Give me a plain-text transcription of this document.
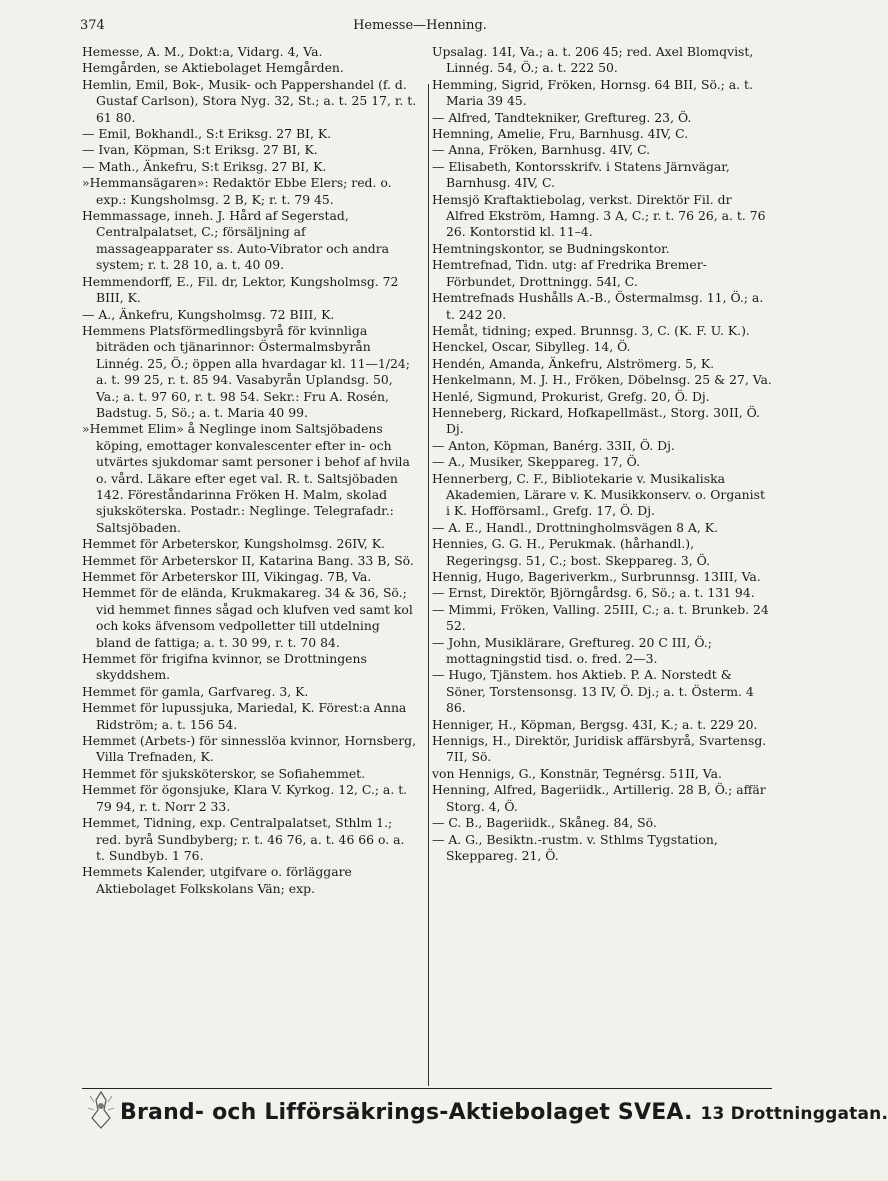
374	Hemesse—Henning.

Hemesse, A. M., Dokt:a, Vidarg. 4, Va.

Hemgården, se Aktiebolaget Hemgården.

Hemlin, Emil, Bok-, Musik- och Pappershandel (f. d. Gustaf Carlson), Stora Nyg. 32, St.; a. t. 25 17, r. t. 61 80.

— Emil, Bokhandl., S:t Eriksg. 27 BI, K.

— Ivan, Köpman, S:t Eriksg. 27 BI, K.

— Math., Änkefru, S:t Eriksg. 27 BI, K.

»Hemmansägaren»: Redaktör Ebbe Elers; red. o. exp.: Kungsholmsg. 2 B, K; r. t. 79 45.

Hemmassage, inneh. J. Hård af Segerstad, Centralpalatset, C.; försäljning af massageapparater ss. Auto-Vibrator och andra system; r. t. 28 10, a. t. 40 09.

Hemmendorff, E., Fil. dr, Lektor, Kungsholmsg. 72 BIII, K.

— A., Änkefru, Kungsholmsg. 72 BIII, K.

Hemmens Platsförmedlingsbyrå för kvinnliga biträden och tjänarinnor: Östermalmsbyrån Linnég. 25, Ö.; öppen alla hvardagar kl. 11—1/24; a. t. 99 25, r. t. 85 94. Vasabyrån Uplandsg. 50, Va.; a. t. 97 60, r. t. 98 54. Sekr.: Fru A. Rosén, Badstug. 5, Sö.; a. t. Maria 40 99.

»Hemmet Elim» å Neglinge inom Saltsjöbadens köping, emottager konvalescenter efter in- och utvärtes sjukdomar samt personer i behof af hvila o. vård. Läkare efter eget val. R. t. Saltsjöbaden 142. Föreståndarinna Fröken H. Malm, skolad sjuksköterska. Postadr.: Neglinge. Telegrafadr.: Saltsjöbaden.

Hemmet för Arbeterskor, Kungsholmsg. 26IV, K.

Hemmet för Arbeterskor II, Katarina Bang. 33 B, Sö.

Hemmet för Arbeterskor III, Vikingag. 7B, Va.

Hemmet för de elända, Krukmakareg. 34 & 36, Sö.; vid hemmet finnes sågad och klufven ved samt kol och koks äfvensom vedpolletter till utdelning bland de fattiga; a. t. 30 99, r. t. 70 84.

Hemmet för frigifna kvinnor, se Drottningens skyddshem.

Hemmet för gamla, Garfvareg. 3, K.

Hemmet för lupussjuka, Mariedal, K. Förest:a Anna Ridström; a. t. 156 54.

Hemmet (Arbets-) för sinnesslöa kvinnor, Hornsberg, Villa Trefnaden, K.

Hemmet för sjuksköterskor, se Sofiahemmet.

Hemmet för ögonsjuke, Klara V. Kyrkog. 12, C.; a. t. 79 94, r. t. Norr 2 33.

Hemmet, Tidning, exp. Centralpalatset, Sthlm 1.; red. byrå Sundbyberg; r. t. 46 76, a. t. 46 66 o. a. t. Sundbyb. 1 76.

Hemmets Kalender, utgifvare o. förläggare Aktiebolaget Folkskolans Vän; exp.

Upsalag. 14I, Va.; a. t. 206 45; red. Axel Blomqvist, Linnég. 54, Ö.; a. t. 222 50.

Hemming, Sigrid, Fröken, Hornsg. 64 BII, Sö.; a. t. Maria 39 45.

— Alfred, Tandtekniker, Greftureg. 23, Ö.

Hemning, Amelie, Fru, Barnhusg. 4IV, C.

— Anna, Fröken, Barnhusg. 4IV, C.

— Elisabeth, Kontorsskrifv. i Statens Järnvägar, Barnhusg. 4IV, C.

Hemsjö Kraftaktiebolag, verkst. Direktör Fil. dr Alfred Ekström, Hamng. 3 A, C.; r. t. 76 26, a. t. 76 26. Kontorstid kl. 11–4.

Hemtningskontor, se Budningskontor.

Hemtrefnad, Tidn. utg: af Fredrika Bremer-Förbundet, Drottningg. 54I, C.

Hemtrefnads Hushålls A.-B., Östermalmsg. 11, Ö.; a. t. 242 20.

Hemåt, tidning; exped. Brunnsg. 3, C. (K. F. U. K.).

Henckel, Oscar, Sibylleg. 14, Ö.

Hendén, Amanda, Änkefru, Alströmerg. 5, K.

Henkelmann, M. J. H., Fröken, Döbelnsg. 25 & 27, Va.

Henlé, Sigmund, Prokurist, Grefg. 20, Ö. Dj.

Henneberg, Rickard, Hofkapellmäst., Storg. 30II, Ö. Dj.

— Anton, Köpman, Banérg. 33II, Ö. Dj.

— A., Musiker, Skeppareg. 17, Ö.

Hennerberg, C. F., Bibliotekarie v. Musikaliska Akademien, Lärare v. K. Musikkonserv. o. Organist i K. Hofförsaml., Grefg. 17, Ö. Dj.

— A. E., Handl., Drottningholmsvägen 8 A, K.

Hennies, G. G. H., Perukmak. (hårhandl.), Regeringsg. 51, C.; bost. Skeppareg. 3, Ö.

Hennig, Hugo, Bageriverkm., Surbrunnsg. 13III, Va.

— Ernst, Direktör, Björngårdsg. 6, Sö.; a. t. 131 94.

— Mimmi, Fröken, Valling. 25III, C.; a. t. Brunkeb. 24 52.

— John, Musiklärare, Greftureg. 20 C III, Ö.; mottagningstid tisd. o. fred. 2—3.

— Hugo, Tjänstem. hos Aktieb. P. A. Norstedt & Söner, Torstensonsg. 13 IV, Ö. Dj.; a. t. Österm. 4 86.

Henniger, H., Köpman, Bergsg. 43I, K.; a. t. 229 20.

Hennigs, H., Direktör, Juridisk affärsbyrå, Svartensg. 7II, Sö.

von Hennigs, G., Konstnär, Tegnérsg. 51II, Va.

Henning, Alfred, Bageriidk., Artillerig. 28 B, Ö.; affär Storg. 4, Ö.

— C. B., Bageriidk., Skåneg. 84, Sö.

— A. G., Besiktn.-rustm. v. Sthlms Tygstation, Skeppareg. 21, Ö.

Brand- och Lifförsäkrings-Aktiebolaget SVEA. 13 Drottninggatan.
